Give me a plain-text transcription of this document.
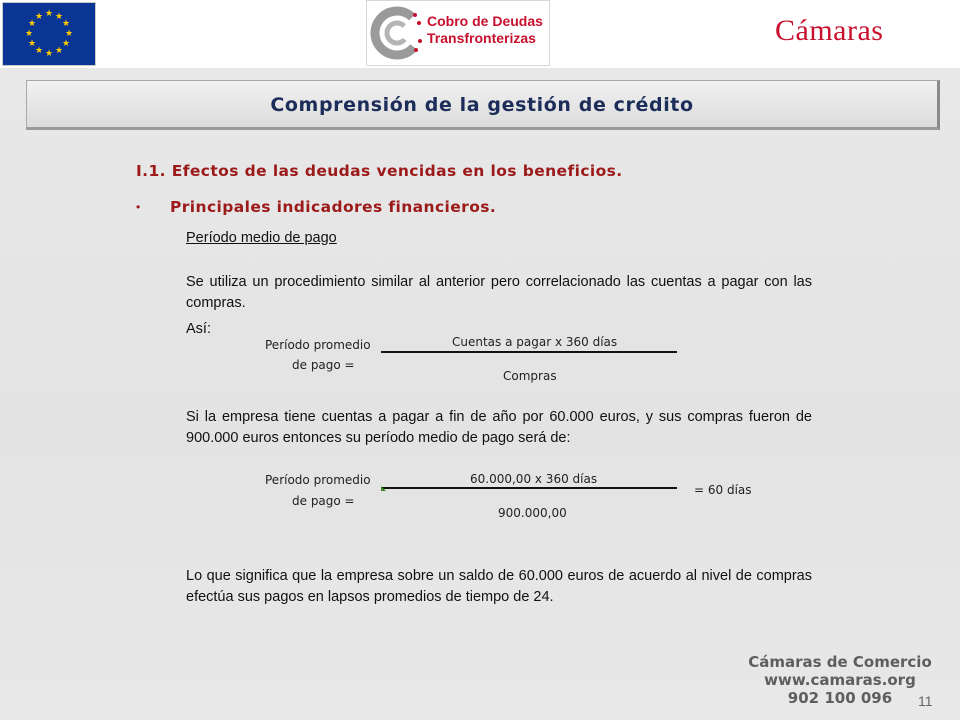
★ ★
★
★
★
★
★
★
★
★
★
★	Cobro de Deudas
Transfronterizas	Cámaras
Comprensión de la gestión de crédito
I.1. Efectos de las deudas vencidas en los beneficios.
• Principales indicadores financieros.
Período medio de pago
Se utiliza un procedimiento similar al anterior pero correlacionado las cuentas a pagar con las compras.
Así:
Período promedio
de pago =
Cuentas a pagar x 360 días
Compras
Si la empresa tiene cuentas a pagar a fin de año por 60.000 euros, y sus compras fueron de 900.000 euros entonces su período medio de pago será de:
Período promedio
de pago =
60.000,00 x 360 días
900.000,00
= 60 días
Lo que significa que la empresa sobre un saldo de 60.000 euros de acuerdo al nivel de compras efectúa sus pagos en lapsos promedios de tiempo de 24.
Cámaras de Comercio
www.camaras.org
902 100 096	11
